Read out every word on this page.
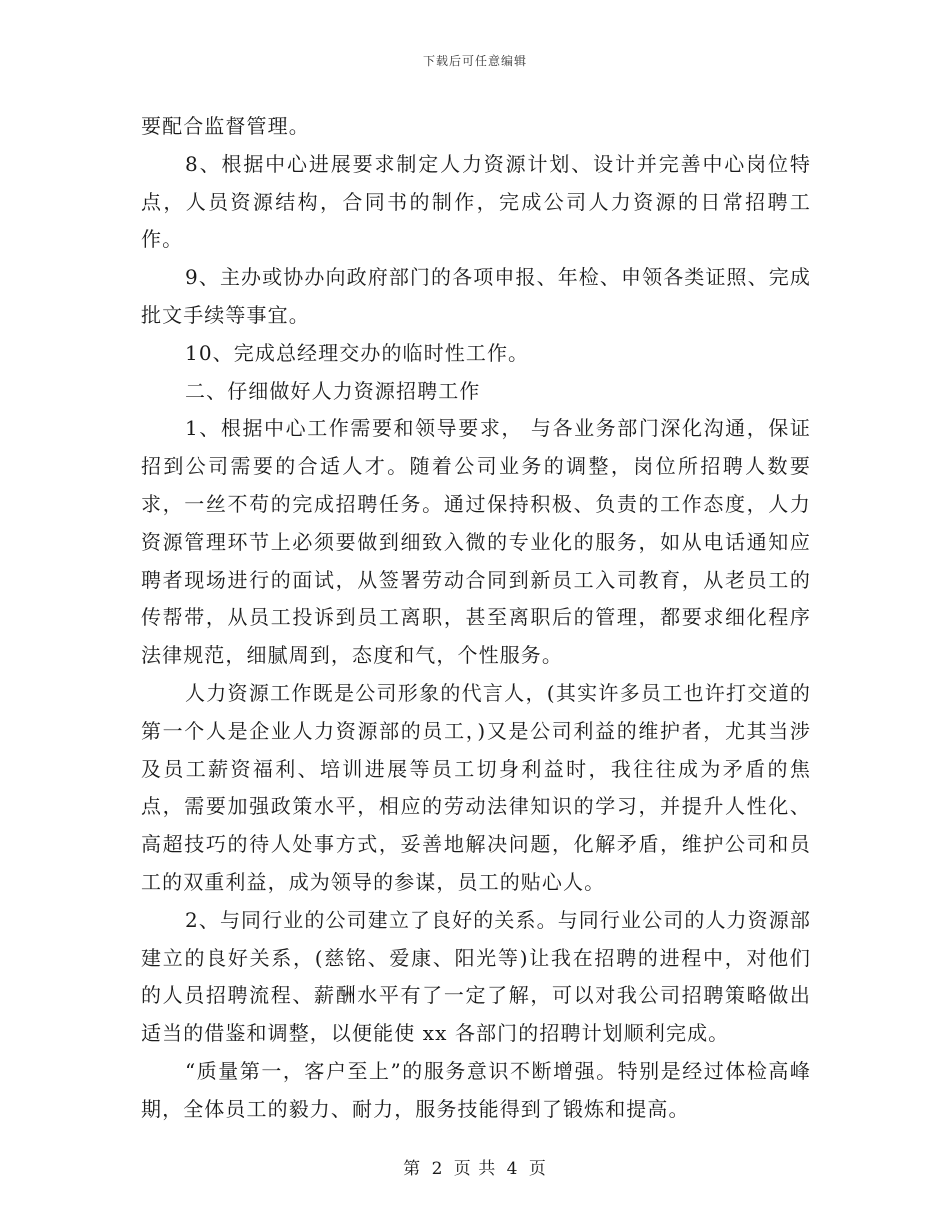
下载后可任意编辑

要配合监督管理。

8、根据中心进展要求制定人力资源计划、设计并完善中心岗位特点，人员资源结构，合同书的制作，完成公司人力资源的日常招聘工作。

9、主办或协办向政府部门的各项申报、年检、申领各类证照、完成批文手续等事宜。

10、完成总经理交办的临时性工作。

二、仔细做好人力资源招聘工作

1、根据中心工作需要和领导要求， 与各业务部门深化沟通，保证招到公司需要的合适人才。随着公司业务的调整，岗位所招聘人数要求，一丝不苟的完成招聘任务。通过保持积极、负责的工作态度，人力资源管理环节上必须要做到细致入微的专业化的服务，如从电话通知应聘者现场进行的面试，从签署劳动合同到新员工入司教育，从老员工的传帮带，从员工投诉到员工离职，甚至离职后的管理，都要求细化程序法律规范，细腻周到，态度和气，个性服务。

人力资源工作既是公司形象的代言人，(其实许多员工也许打交道的第一个人是企业人力资源部的员工，)又是公司利益的维护者，尤其当涉及员工薪资福利、培训进展等员工切身利益时，我往往成为矛盾的焦点，需要加强政策水平，相应的劳动法律知识的学习，并提升人性化、高超技巧的待人处事方式，妥善地解决问题，化解矛盾，维护公司和员工的双重利益，成为领导的参谋，员工的贴心人。

2、与同行业的公司建立了良好的关系。与同行业公司的人力资源部建立的良好关系，(慈铭、爱康、阳光等)让我在招聘的进程中，对他们的人员招聘流程、薪酬水平有了一定了解，可以对我公司招聘策略做出适当的借鉴和调整，以便能使 xx 各部门的招聘计划顺利完成。

“质量第一，客户至上”的服务意识不断增强。特别是经过体检高峰期，全体员工的毅力、耐力，服务技能得到了锻炼和提高。

第 2 页 共 4 页
